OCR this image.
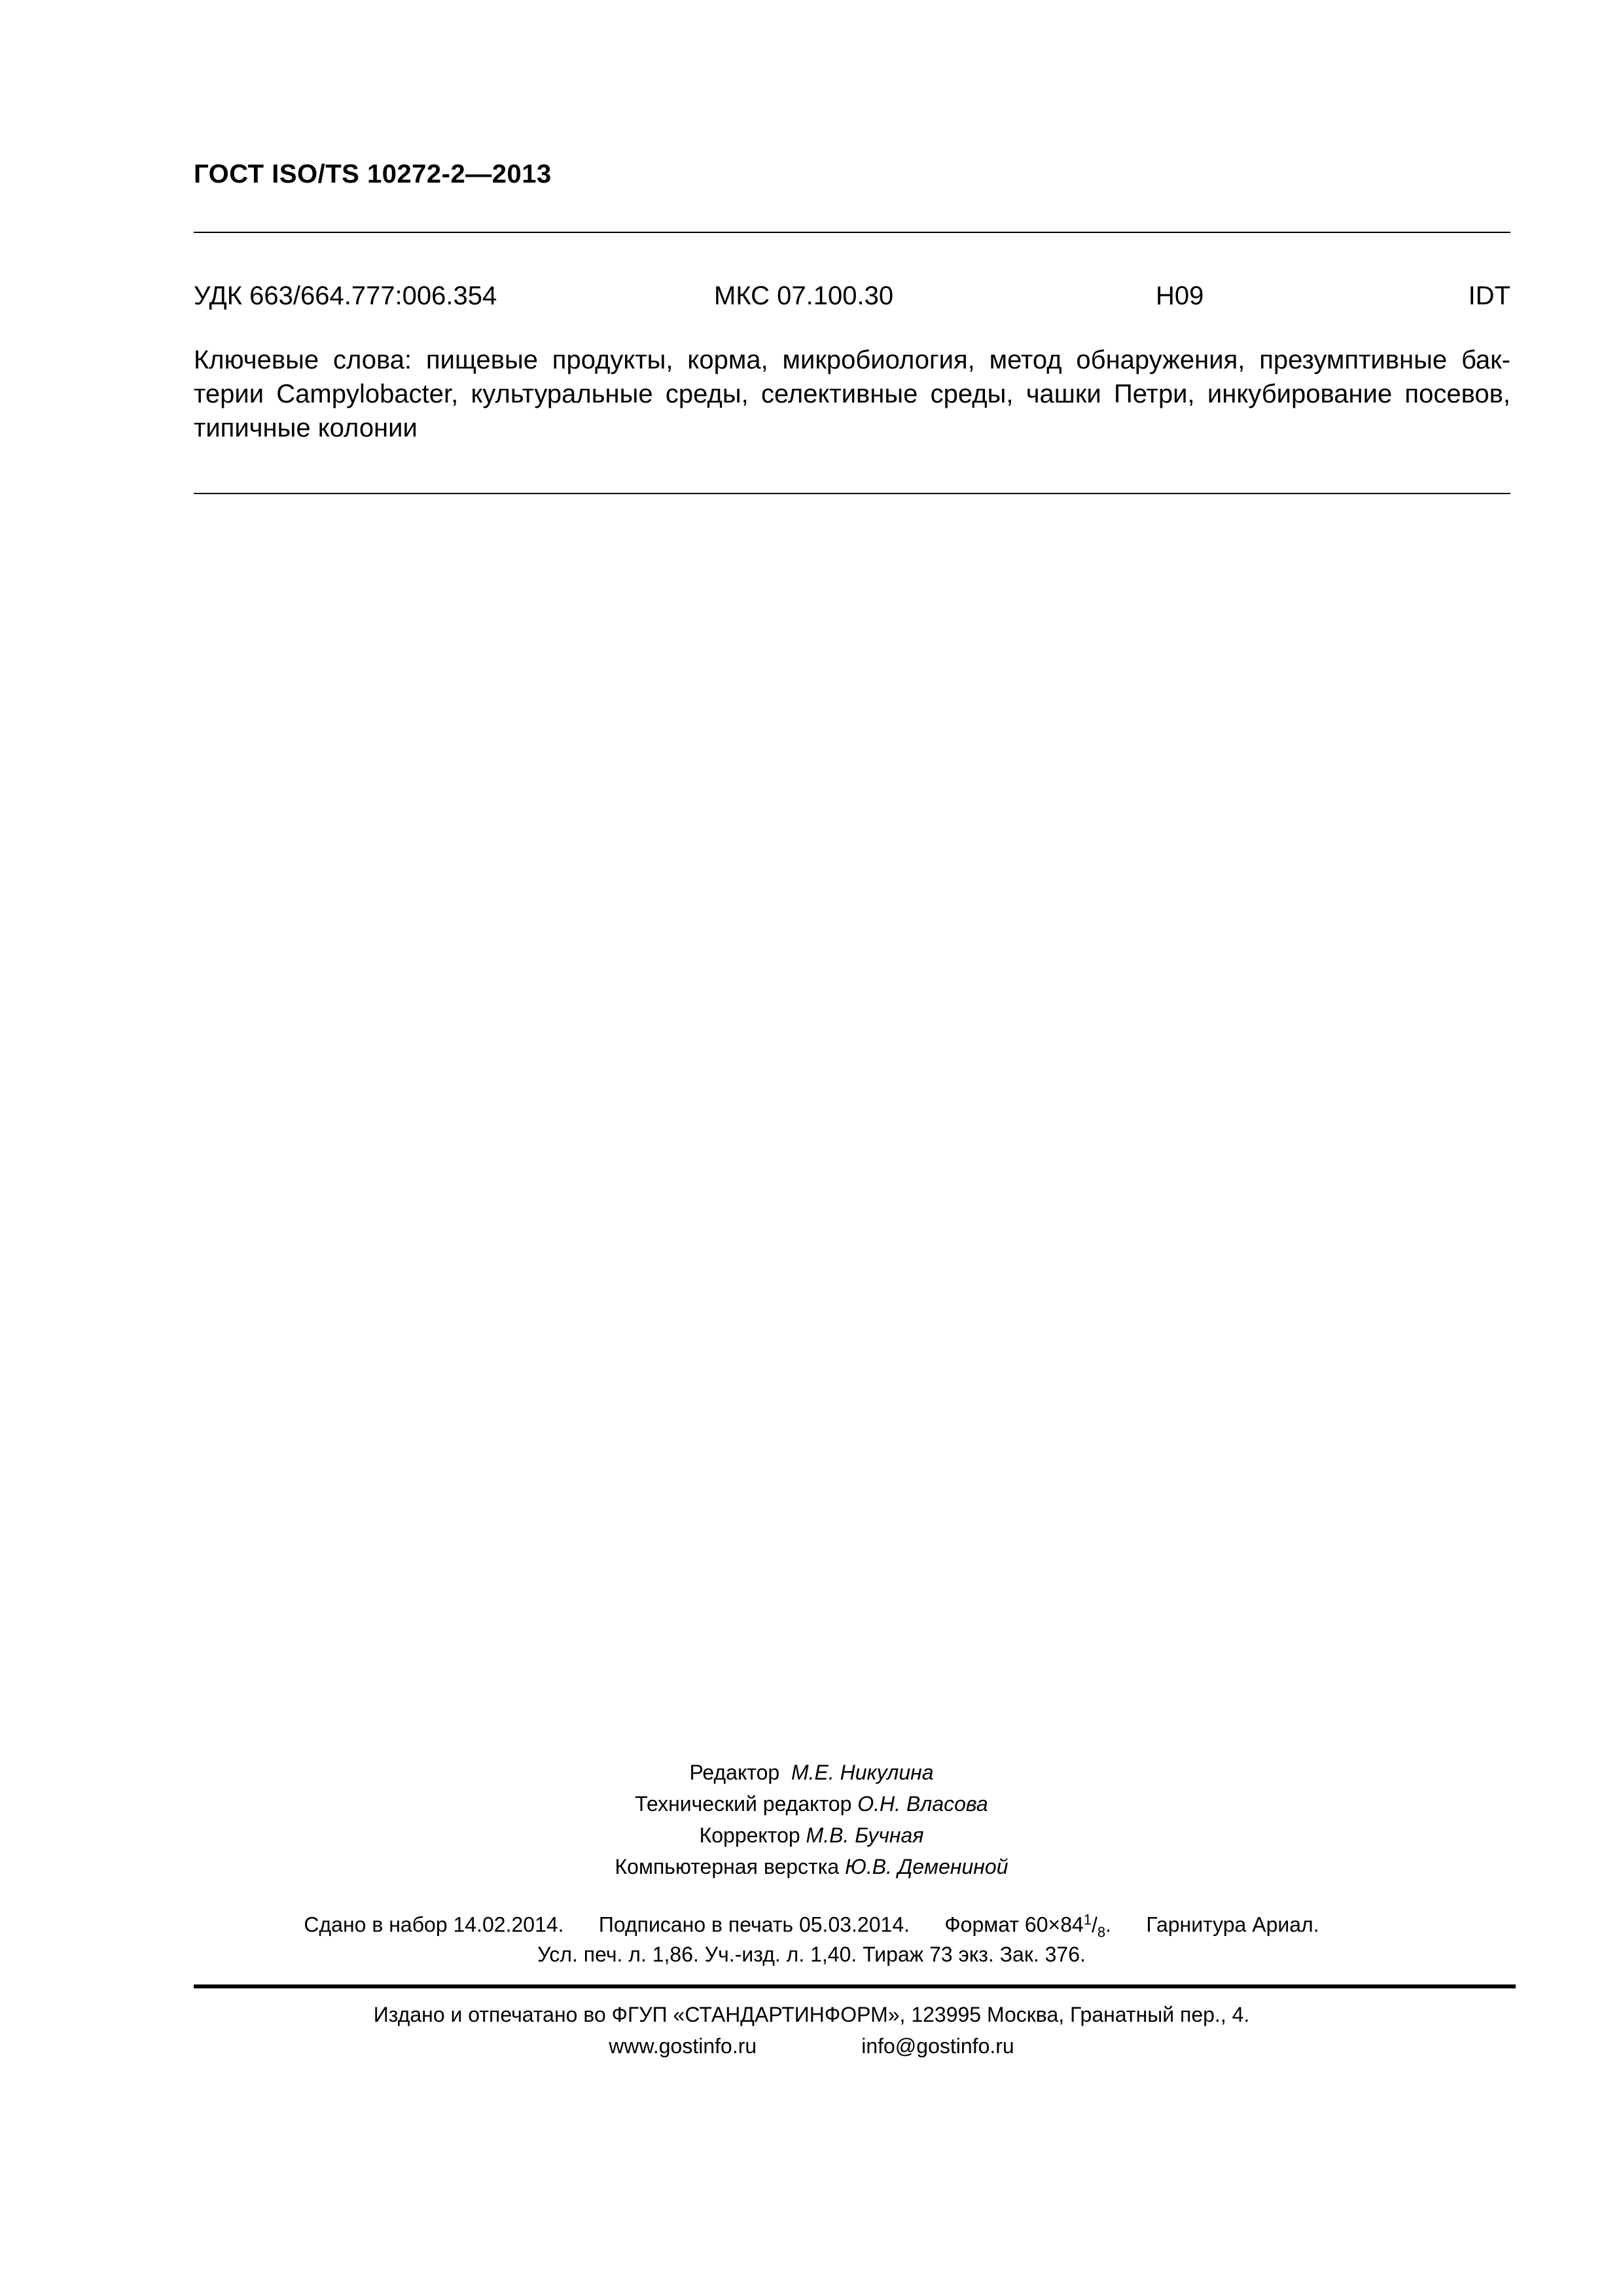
ГОСТ ISO/TS 10272-2—2013
УДК 663/664.777:006.354	МКС 07.100.30	Н09	IDT
Ключевые слова: пищевые продукты, корма, микробиология, метод обнаружения, презумптивные бак-
терии Campylobacter, культуральные среды, селективные среды, чашки Петри, инкубирование посевов,
типичные колонии
Редактор М.Е. Никулина
Технический редактор О.Н. Власова
Корректор М.В. Бучная
Компьютерная верстка Ю.В. Дeмениной
Сдано в набор 14.02.2014. Подписано в печать 05.03.2014. Формат $60\times 84^1/_8$. Гарнитура Ариал.
Усл. печ. л. 1,86. Уч.-изд. л. 1,40. Тираж 73 экз. Зак. 376.
Издано и отпечатано во ФГУП «СТАНДАРТИНФОРМ», 123995 Москва, Гранатный пер., 4.
www.gostinfo.ru	info@gostinfo.ru
